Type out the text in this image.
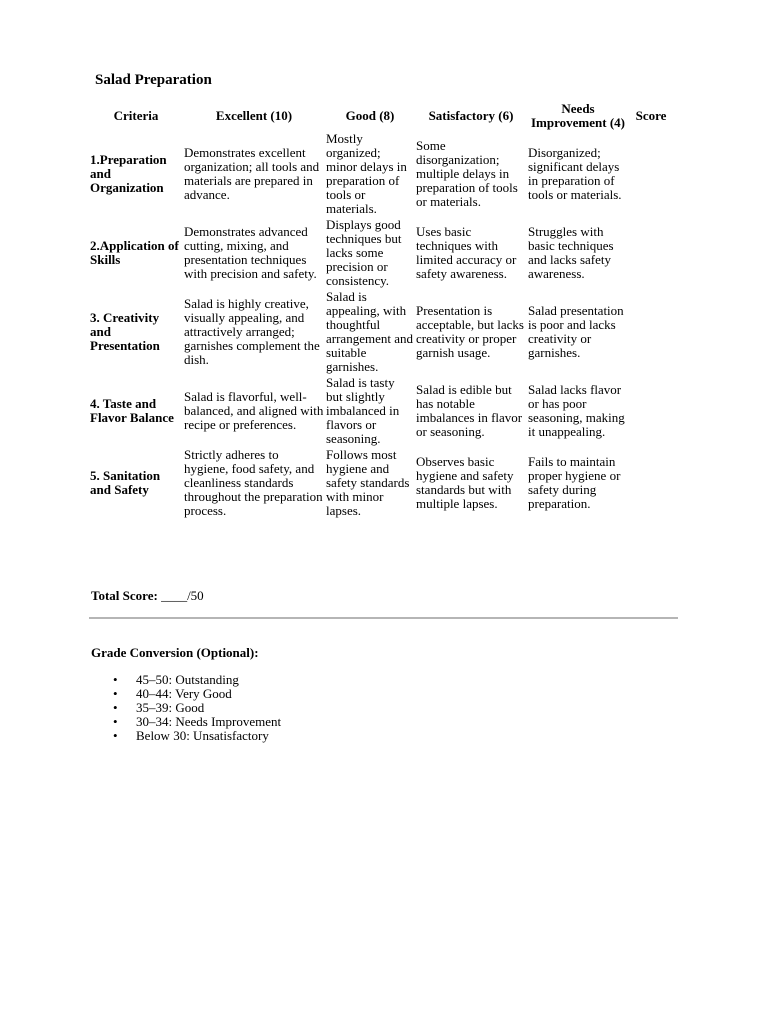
Salad Preparation
Criteria	Excellent (10)	Good (8)	Satisfactory (6)	Needs Improvement (4)	Score
1.Preparation and Organization	Demonstrates excellent organization; all tools and materials are prepared in advance.	Mostly organized; minor delays in preparation of tools or materials.	Some disorganization; multiple delays in preparation of tools or materials.	Disorganized; significant delays in preparation of tools or materials.	
2.Application of Skills	Demonstrates advanced cutting, mixing, and presentation techniques with precision and safety.	Displays good techniques but lacks some precision or consistency.	Uses basic techniques with limited accuracy or safety awareness.	Struggles with basic techniques and lacks safety awareness.	
3. Creativity and Presentation	Salad is highly creative, visually appealing, and attractively arranged; garnishes complement the dish.	Salad is appealing, with thoughtful arrangement and suitable garnishes.	Presentation is acceptable, but lacks creativity or proper garnish usage.	Salad presentation is poor and lacks creativity or garnishes.	
4. Taste and Flavor Balance	Salad is flavorful, well-balanced, and aligned with recipe or preferences.	Salad is tasty but slightly imbalanced in flavors or seasoning.	Salad is edible but has notable imbalances in flavor or seasoning.	Salad lacks flavor or has poor seasoning, making it unappealing.	
5. Sanitation and Safety	Strictly adheres to hygiene, food safety, and cleanliness standards throughout the preparation process.	Follows most hygiene and safety standards with minor lapses.	Observes basic hygiene and safety standards but with multiple lapses.	Fails to maintain proper hygiene or safety during preparation.	

Total Score: ____/50

Grade Conversion (Optional):

• 45–50: Outstanding
• 40–44: Very Good
• 35–39: Good
• 30–34: Needs Improvement
• Below 30: Unsatisfactory
